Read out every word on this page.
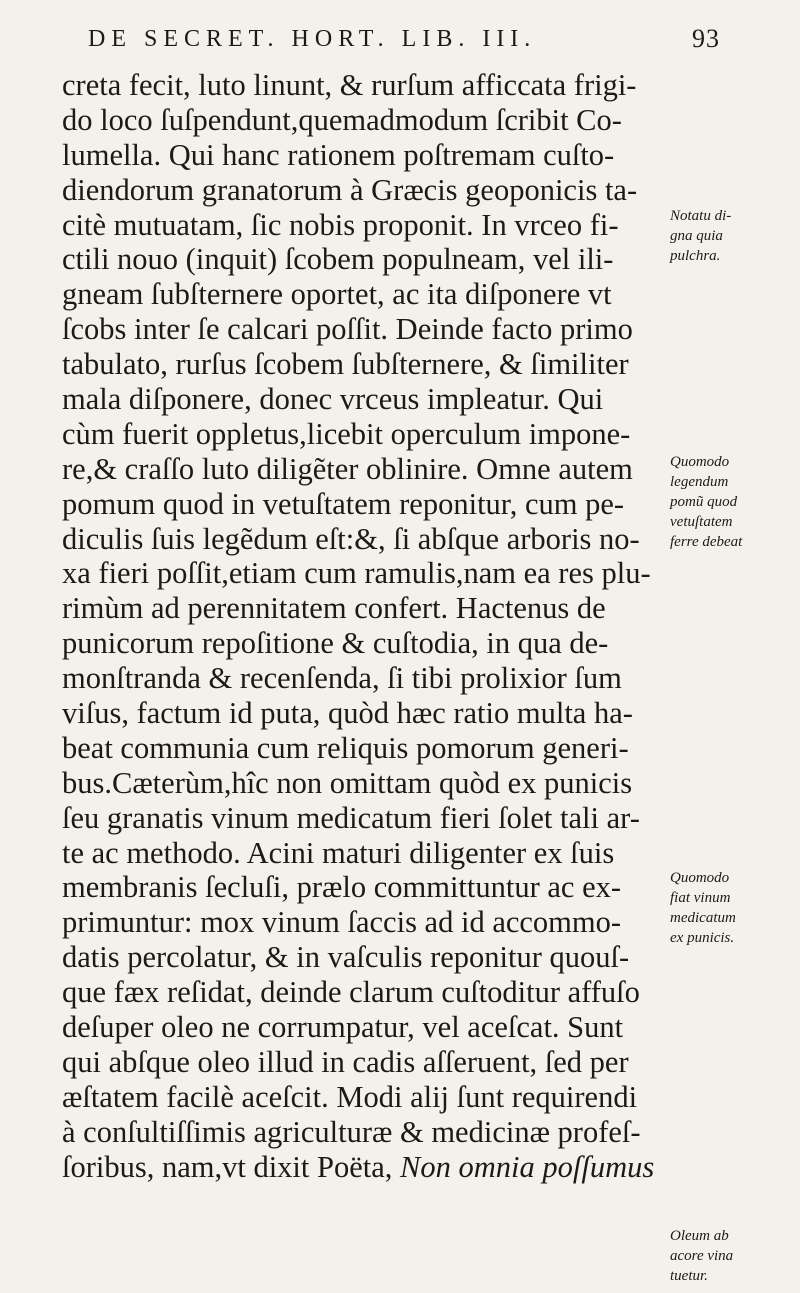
DE SECRET. HORT. LIB. III.	93
creta fecit, luto linunt, & rurſum afficcata frigi-
do loco ſuſpendunt,quemadmodum ſcribit Co-
lumella. Qui hanc rationem poſtremam cuſto-
diendorum granatorum à Græcis geoponicis ta-
citè mutuatam, ſic nobis proponit. In vrceo fi-
ctili nouo (inquit) ſcobem populneam, vel ili-
gneam ſubſternere oportet, ac ita diſponere vt
ſcobs inter ſe calcari poſſit. Deinde facto primo
tabulato, rurſus ſcobem ſubſternere, & ſimiliter
mala diſponere, donec vrceus impleatur. Qui
cùm fuerit oppletus,licebit operculum impone-
re,& craſſo luto diligẽter oblinire. Omne autem
pomum quod in vetuſtatem reponitur, cum pe-
diculis ſuis legẽdum eſt:&, ſi abſque arboris no-
xa fieri poſſit,etiam cum ramulis,nam ea res plu-
rimùm ad perennitatem confert. Hactenus de
punicorum repoſitione & cuſtodia, in qua de-
monſtranda & recenſenda, ſi tibi prolixior ſum
viſus, factum id puta, quòd hæc ratio multa ha-
beat communia cum reliquis pomorum generi-
bus.Cæterùm,hîc non omittam quòd ex punicis
ſeu granatis vinum medicatum fieri ſolet tali ar-
te ac methodo. Acini maturi diligenter ex ſuis
membranis ſecluſi, prælo committuntur ac ex-
primuntur: mox vinum ſaccis ad id accommo-
datis percolatur, & in vaſculis reponitur quouſ-
que fæx reſidat, deinde clarum cuſtoditur affuſo
deſuper oleo ne corrumpatur, vel aceſcat. Sunt
qui abſque oleo illud in cadis aſſeruent, ſed per
æſtatem facilè aceſcit. Modi alij ſunt requirendi
à conſultiſſimis agriculturæ & medicinæ profeſ-
ſoribus, nam,vt dixit Poëta, Non omnia poſſumus
Notatu di-
gna quia
pulchra.
Quomodo
legendum
pomũ quod
vetuſtatem
ferre debeat
Quomodo
fiat vinum
medicatum
ex punicis.
Oleum ab
acore vina
tuetur.
